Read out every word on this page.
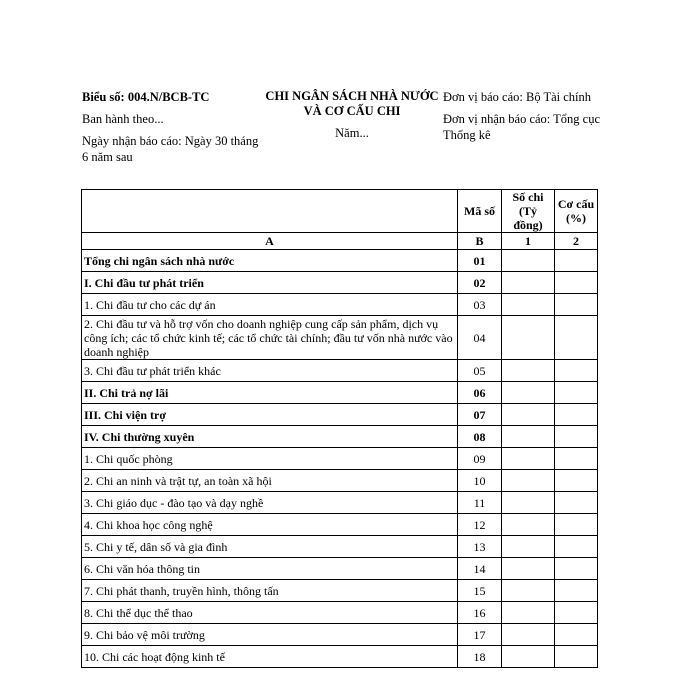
Biểu số: 004.N/BCB-TC
Ban hành theo...
Ngày nhận báo cáo: Ngày 30 tháng 6 năm sau
CHI NGÂN SÁCH NHÀ NƯỚC VÀ CƠ CẤU CHI
Năm...
Đơn vị báo cáo: Bộ Tài chính
Đơn vị nhận báo cáo: Tổng cục Thống kê
	Mã số	Số chi (Tỷ đồng)	Cơ cấu (%)
A	B	1	2
Tổng chi ngân sách nhà nước	01		
I. Chi đầu tư phát triển	02		
1. Chi đầu tư cho các dự án	03		
2. Chi đầu tư và hỗ trợ vốn cho doanh nghiệp cung cấp sản phẩm, dịch vụ công ích; các tổ chức kinh tế; các tổ chức tài chính; đầu tư vốn nhà nước vào doanh nghiệp	04		
3. Chi đầu tư phát triển khác	05		
II. Chi trả nợ lãi	06		
III. Chi viện trợ	07		
IV. Chi thường xuyên	08		
1. Chi quốc phòng	09		
2. Chi an ninh và trật tự, an toàn xã hội	10		
3. Chi giáo dục - đào tạo và dạy nghề	11		
4. Chi khoa học công nghệ	12		
5. Chi y tế, dân số và gia đình	13		
6. Chi văn hóa thông tin	14		
7. Chi phát thanh, truyền hình, thông tấn	15		
8. Chi thể dục thể thao	16		
9. Chi bảo vệ môi trường	17		
10. Chi các hoạt động kinh tế	18		
